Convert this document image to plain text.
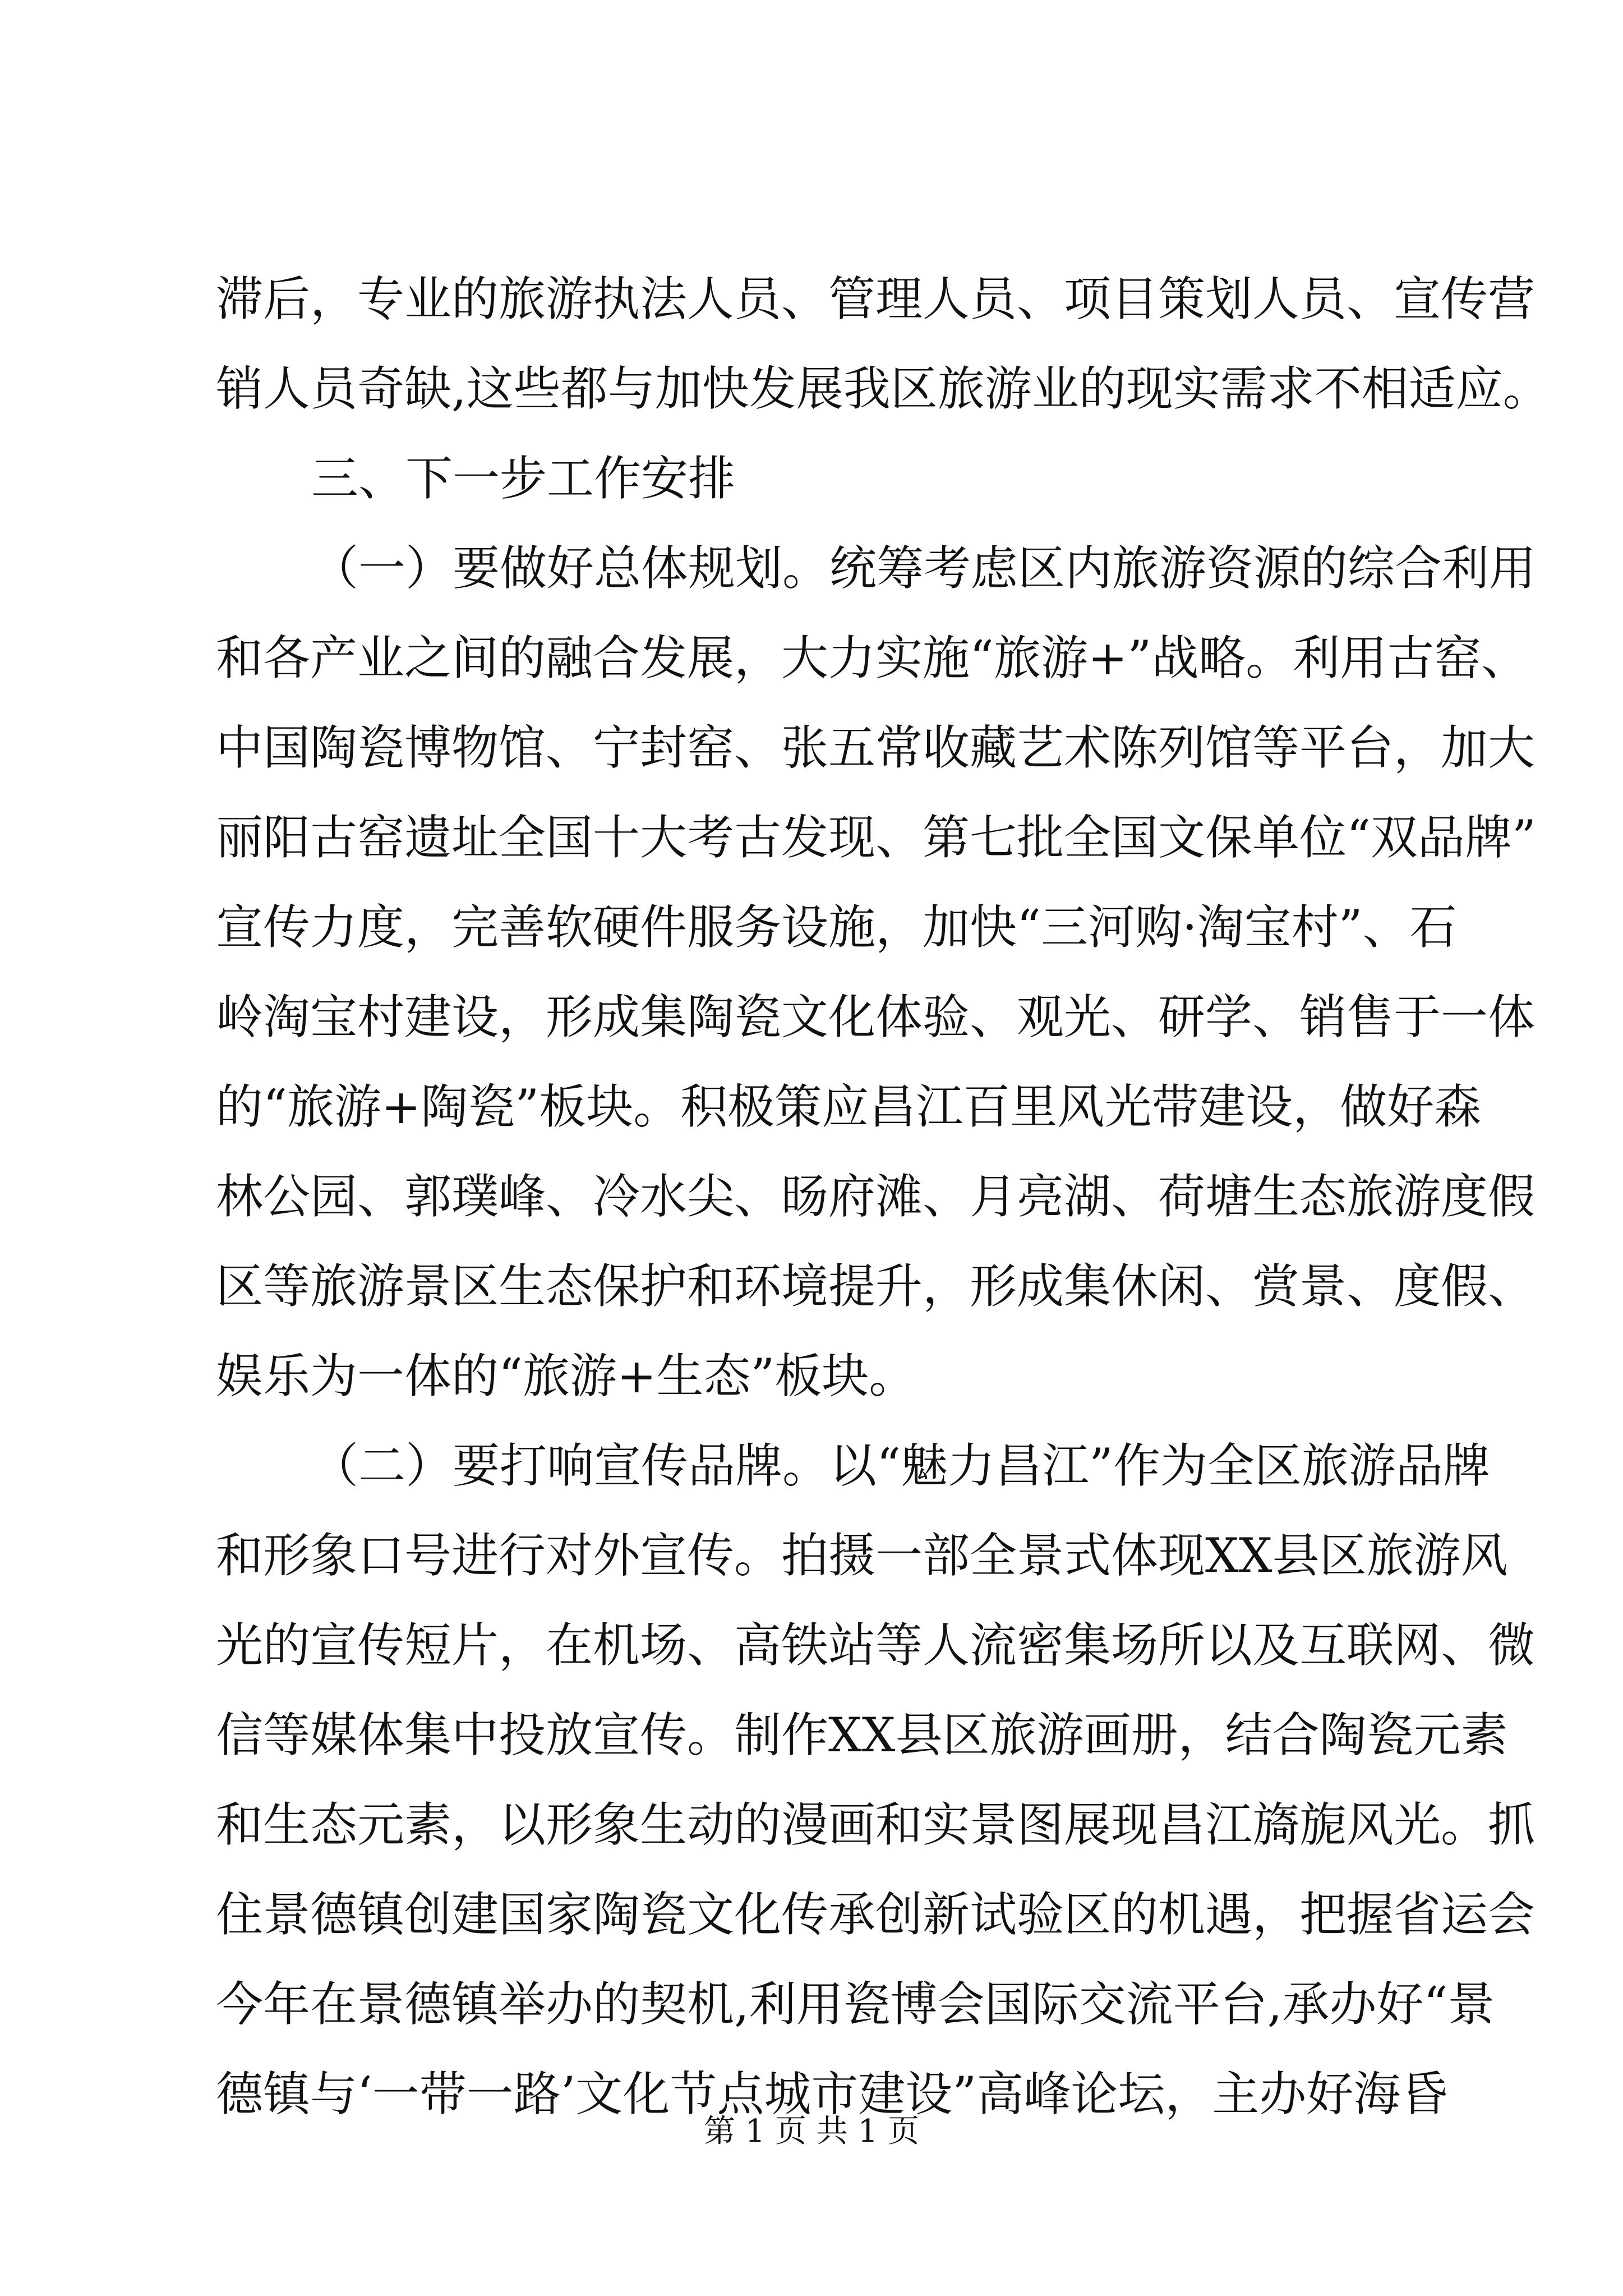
滞后，专业的旅游执法人员、管理人员、项目策划人员、宣传营
销人员奇缺,这些都与加快发展我区旅游业的现实需求不相适应。
三、下一步工作安排
（一）要做好总体规划。统筹考虑区内旅游资源的综合利用
和各产业之间的融合发展，大力实施“旅游+”战略。利用古窑、
中国陶瓷博物馆、宁封窑、张五常收藏艺术陈列馆等平台，加大
丽阳古窑遗址全国十大考古发现、第七批全国文保单位“双品牌”
宣传力度，完善软硬件服务设施，加快“三河购·淘宝村”、石
岭淘宝村建设，形成集陶瓷文化体验、观光、研学、销售于一体
的“旅游+陶瓷”板块。积极策应昌江百里风光带建设，做好森
林公园、郭璞峰、冷水尖、旸府滩、月亮湖、荷塘生态旅游度假
区等旅游景区生态保护和环境提升，形成集休闲、赏景、度假、
娱乐为一体的“旅游+生态”板块。
（二）要打响宣传品牌。以“魅力昌江”作为全区旅游品牌
和形象口号进行对外宣传。拍摄一部全景式体现XX县区旅游风
光的宣传短片，在机场、高铁站等人流密集场所以及互联网、微
信等媒体集中投放宣传。制作XX县区旅游画册，结合陶瓷元素
和生态元素，以形象生动的漫画和实景图展现昌江旖旎风光。抓
住景德镇创建国家陶瓷文化传承创新试验区的机遇，把握省运会
今年在景德镇举办的契机,利用瓷博会国际交流平台,承办好“景
德镇与‘一带一路’文化节点城市建设”高峰论坛，主办好海昏
第 1 页 共 1 页
